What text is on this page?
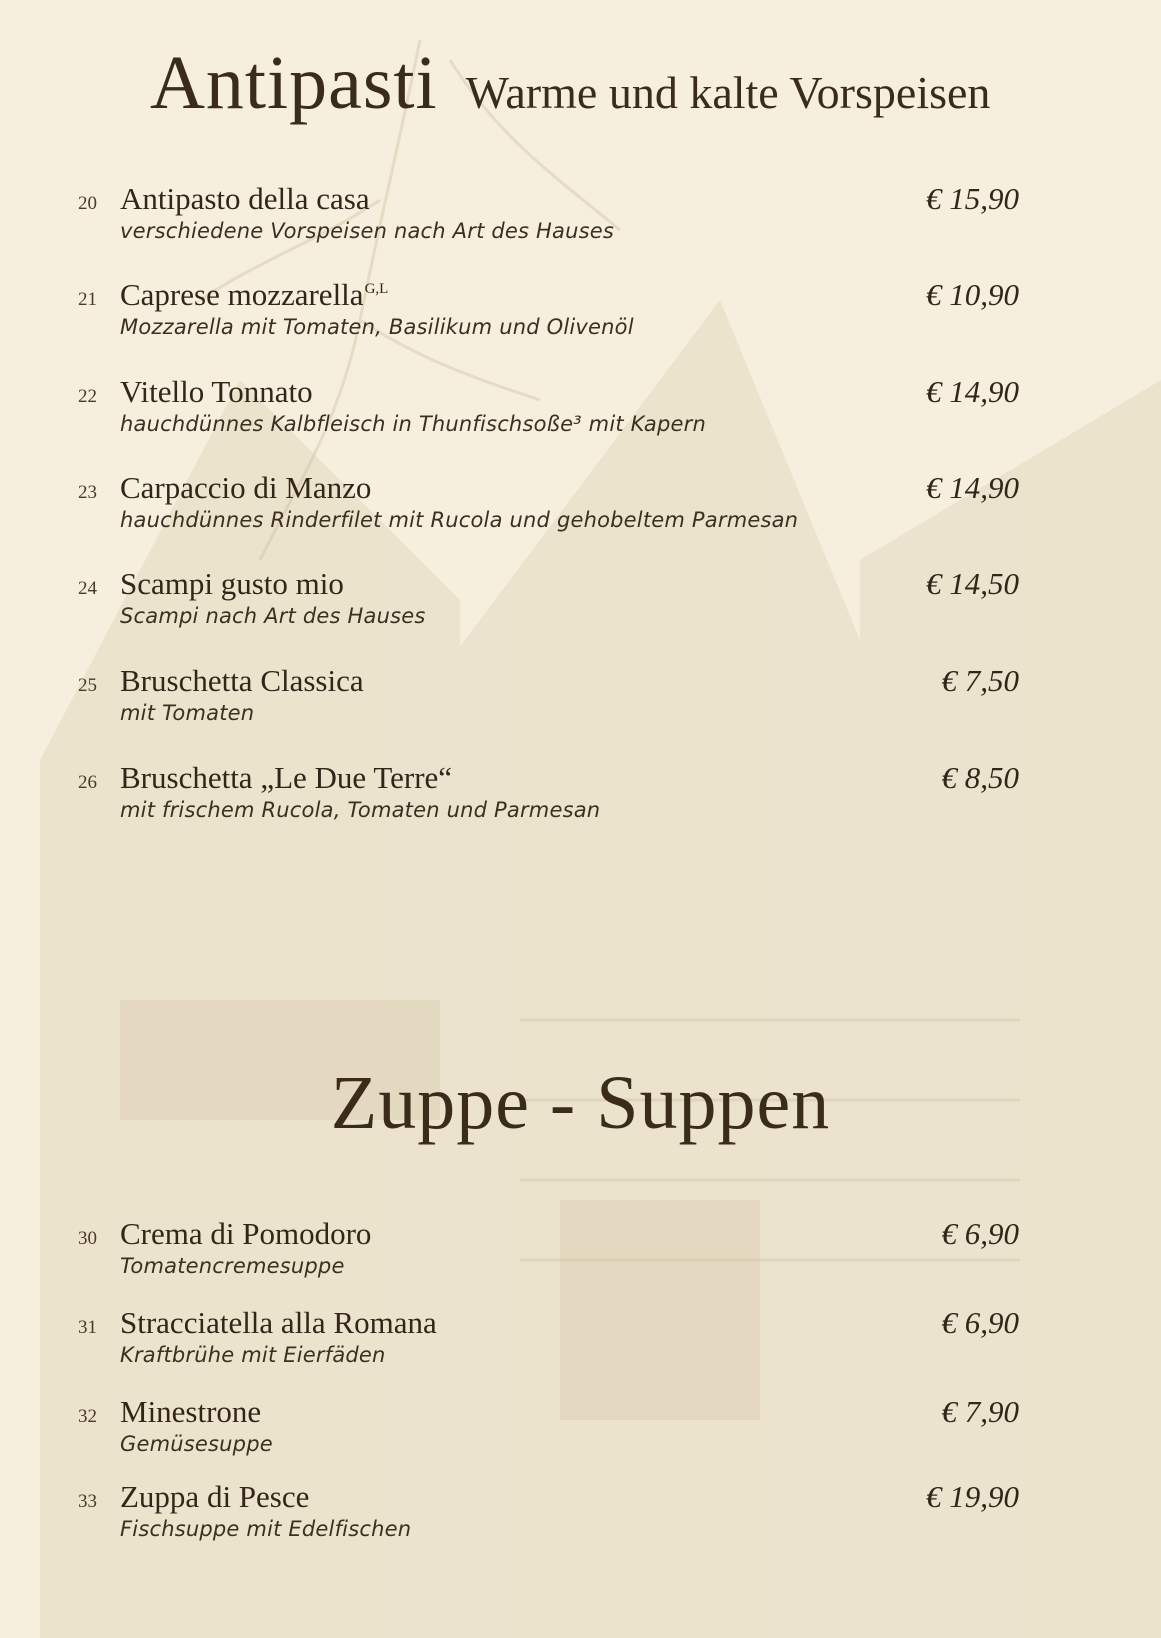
Antipasti Warme und kalte Vorspeisen
20 Antipasto della casa
verschiedene Vorspeisen nach Art des Hauses
€ 15,90
21 Caprese mozzarella$^{G,L}$
Mozzarella mit Tomaten, Basilikum und Olivenöl
€ 10,90
22 Vitello Tonnato
hauchdünnes Kalbfleisch in Thunfischsoße³ mit Kapern
€ 14,90
23 Carpaccio di Manzo
hauchdünnes Rinderfilet mit Rucola und gehobeltem Parmesan
€ 14,90
24 Scampi gusto mio
Scampi nach Art des Hauses
€ 14,50
25 Bruschetta Classica
mit Tomaten
€ 7,50
26 Bruschetta „Le Due Terre“
mit frischem Rucola, Tomaten und Parmesan
€ 8,50
Zuppe - Suppen
30 Crema di Pomodoro
Tomatencremesuppe
€ 6,90
31 Stracciatella alla Romana
Kraftbrühe mit Eierfäden
€ 6,90
32 Minestrone
Gemüsesuppe
€ 7,90
33 Zuppa di Pesce
Fischsuppe mit Edelfischen
€ 19,90
